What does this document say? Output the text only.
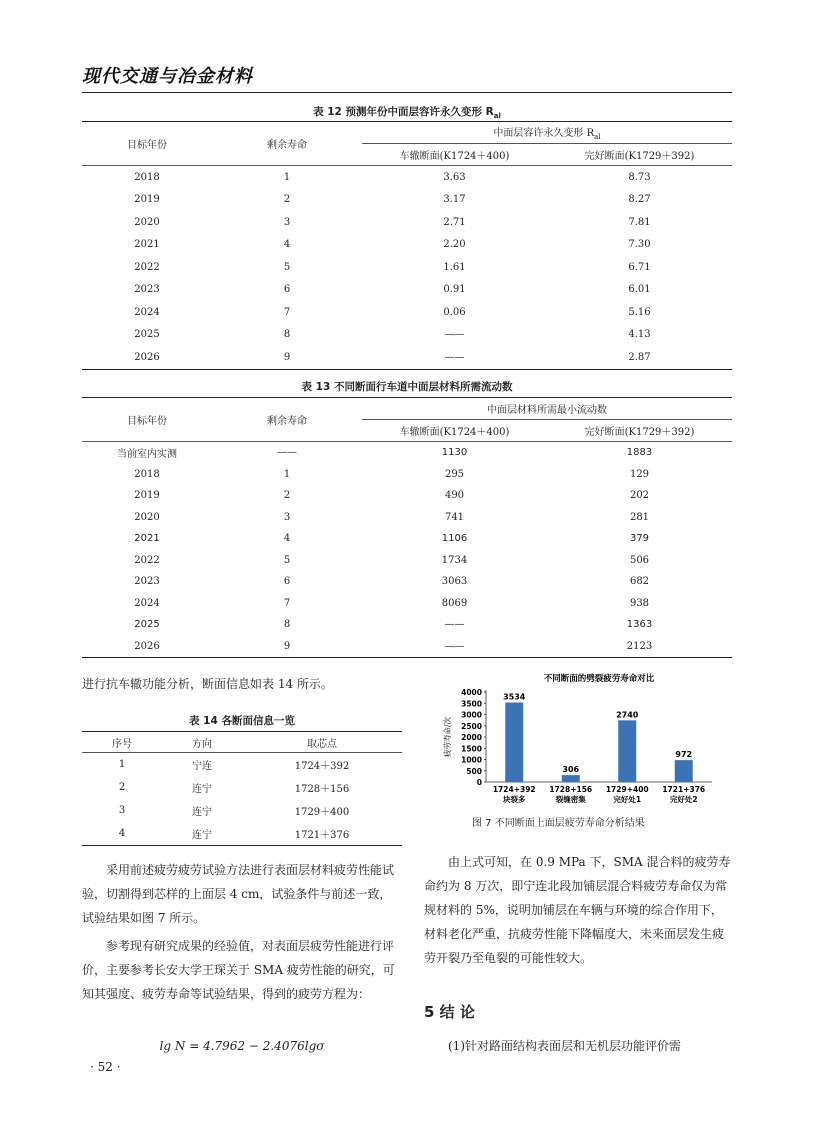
现代交通与冶金材料
表 12 预测年份中面层容许永久变形 $R_{al}$
目标年份	剩余寿命	中面层容许永久变形 $R_{al}$
		车辙断面(K1724＋400)	完好断面(K1729＋392)
2018	1	3.63	8.73
2019	2	3.17	8.27
2020	3	2.71	7.81
2021	4	2.20	7.30
2022	5	1.61	6.71
2023	6	0.91	6.01
2024	7	0.06	5.16
2025	8	——	4.13
2026	9	——	2.87
表 13 不同断面行车道中面层材料所需流动数
目标年份	剩余寿命	中面层材料所需最小流动数	
		车辙断面(K1724＋400)	完好断面(K1729＋392)
当前室内实测	——	1130	1883
2018	1	295	129
2019	2	490	202
2020	3	741	281
2021	4	1106	379
2022	5	1734	506
2023	6	3063	682
2024	7	8069	938
2025	8	——	1363
2026	9	——	2123
进行抗车辙功能分析，断面信息如表 14 所示。
表 14 各断面信息一览
序号	方向	取芯点
1	宁连	1724＋392
2	连宁	1728＋156
3	连宁	1729＋400
4	连宁	1721＋376
采用前述疲劳疲劳试验方法进行表面层材料疲劳性能试验，切割得到芯样的上面层 4 cm，试验条件与前述一致，试验结果如图 7 所示。
参考现有研究成果的经验值，对表面层疲劳性能进行评价，主要参考长安大学王琛关于 SMA 疲劳性能的研究，可知其强度、疲劳寿命等试验结果，得到的疲劳方程为：
lg N = 4.7962 − 2.4076lgσ
· 52 ·
不同断面的劈裂疲劳寿命对比
0
500
1000
1500
2000
2500
3000
3500
4000
疲劳寿命/次
3534
1724+392
块裂多
306
1728+156
裂缝密集
2740
1729+400
完好处1
972
1721+376
完好处2
图 7 不同断面上面层疲劳寿命分析结果
由上式可知，在 0.9 MPa 下，SMA 混合料的疲劳寿命约为 8 万次，即宁连北段加铺层混合料疲劳寿命仅为常规材料的 5%，说明加铺层在车辆与环境的综合作用下，材料老化严重，抗疲劳性能下降幅度大，未来面层发生疲劳开裂乃至龟裂的可能性较大。
5 结 论
(1)针对路面结构表面层和无机层功能评价需
